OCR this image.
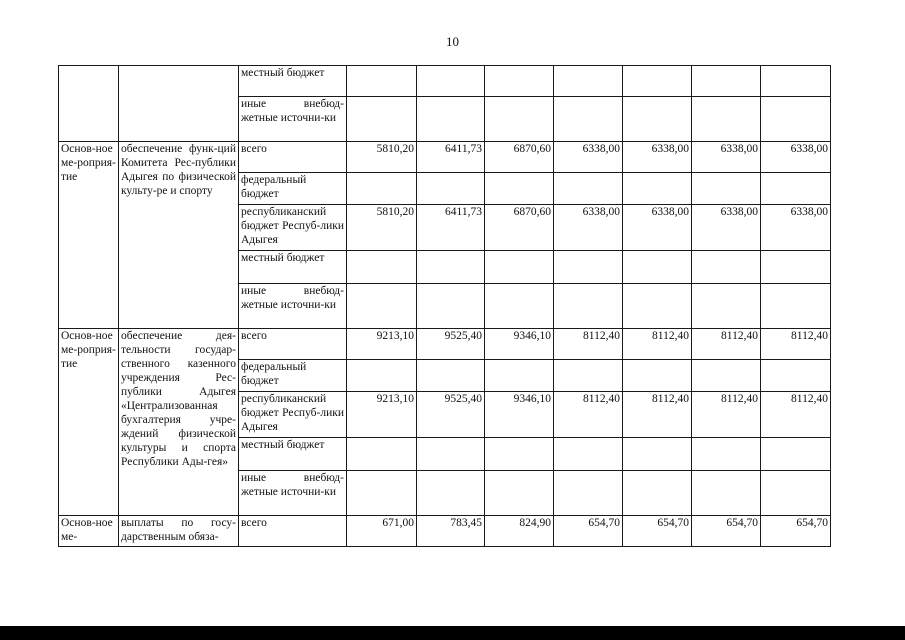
10
		местный бюджет							
		иные внебюд-жетные источни-ки							
Основ-ное ме-роприя-тие	обеспечение функ-ций Комитета Рес-публики Адыгея по физической культу-ре и спорту	всего	5810,20	6411,73	6870,60	6338,00	6338,00	6338,00	6338,00
		федеральный бюджет							
		республиканский бюджет Респуб-лики Адыгея	5810,20	6411,73	6870,60	6338,00	6338,00	6338,00	6338,00
		местный бюджет							
		иные внебюд-жетные источни-ки							
Основ-ное ме-роприя-тие	обеспечение дея-тельности государ-ственного казенного учреждения Рес-публики Адыгея «Централизованная бухгалтерия учре-ждений физической культуры и спорта Республики Ады-гея»	всего	9213,10	9525,40	9346,10	8112,40	8112,40	8112,40	8112,40
		федеральный бюджет							
		республиканский бюджет Респуб-лики Адыгея	9213,10	9525,40	9346,10	8112,40	8112,40	8112,40	8112,40
		местный бюджет							
		иные внебюд-жетные источни-ки							
Основ-ное ме-	выплаты по госу-дарственным обяза-	всего	671,00	783,45	824,90	654,70	654,70	654,70	654,70
